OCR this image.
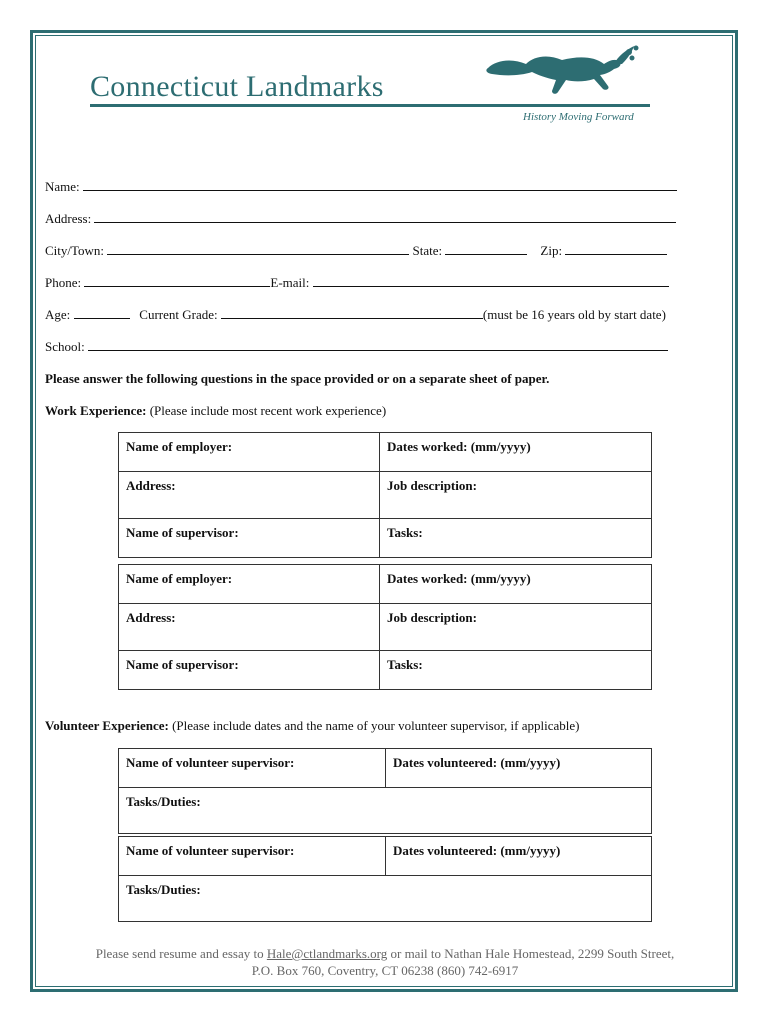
Connecticut Landmarks
History Moving Forward
Name:
Address:
City/Town:	State:	Zip:
Phone:	E-mail:
Age:	Current Grade:	(must be 16 years old by start date)
School:
Please answer the following questions in the space provided or on a separate sheet of paper.
Work Experience: (Please include most recent work experience)
Name of employer:	Dates worked: (mm/yyyy)
Address:	Job description:
Name of supervisor:	Tasks:
Name of employer:	Dates worked: (mm/yyyy)
Address:	Job description:
Name of supervisor:	Tasks:
Volunteer Experience: (Please include dates and the name of your volunteer supervisor, if applicable)
Name of volunteer supervisor:	Dates volunteered: (mm/yyyy)
Tasks/Duties:
Name of volunteer supervisor:	Dates volunteered: (mm/yyyy)
Tasks/Duties:
Please send resume and essay to Hale@ctlandmarks.org or mail to Nathan Hale Homestead, 2299 South Street,
P.O. Box 760, Coventry, CT 06238 (860) 742-6917
